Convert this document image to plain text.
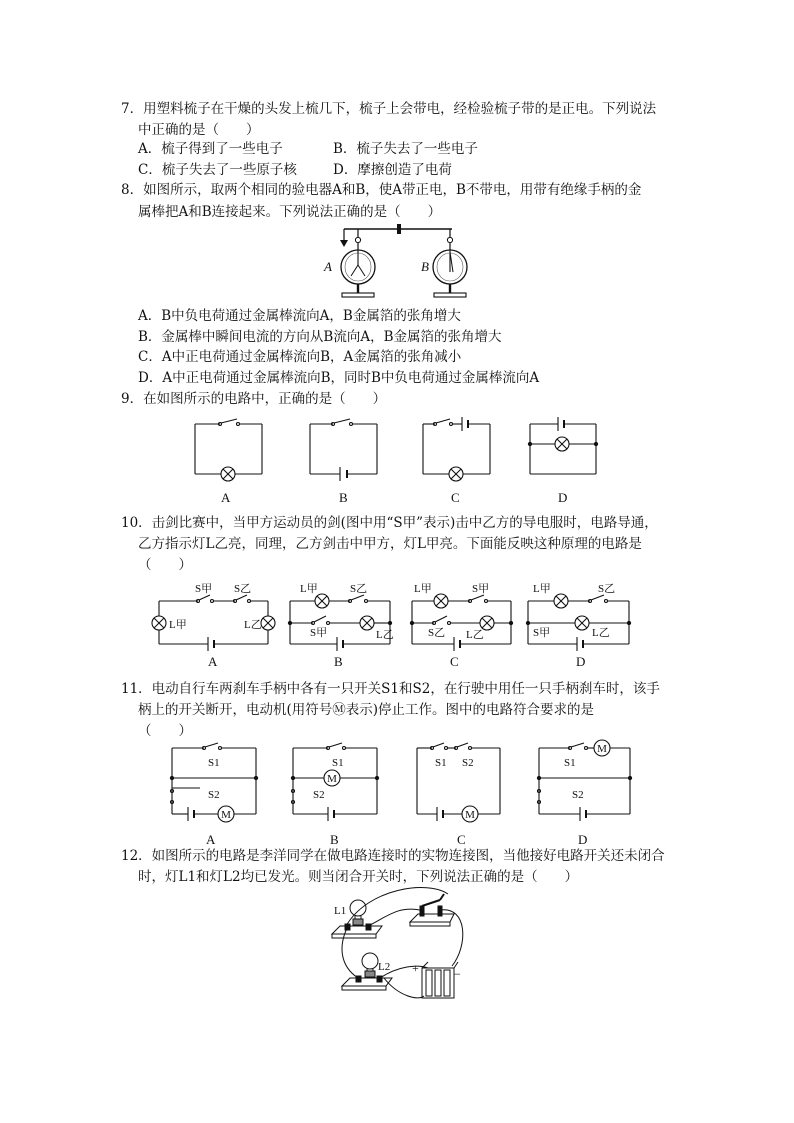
7．用塑料梳子在干燥的头发上梳几下，梳子上会带电，经检验梳子带的是正电。下列说法
中正确的是（　　）
A．梳子得到了一些电子	B．梳子失去了一些电子
C．梳子失去了一些原子核	D．摩擦创造了电荷
8．如图所示，取两个相同的验电器A和B，使A带正电，B不带电，用带有绝缘手柄的金
属棒把A和B连接起来。下列说法正确的是（　　）
A	B
A．B中负电荷通过金属棒流向A，B金属箔的张角增大
B．金属棒中瞬间电流的方向从B流向A，B金属箔的张角增大
C．A中正电荷通过金属棒流向B，A金属箔的张角减小
D．A中正电荷通过金属棒流向B，同时B中负电荷通过金属棒流向A
9．在如图所示的电路中，正确的是（　　）
A	B	C	D
10．击剑比赛中，当甲方运动员的剑(图中用“S甲”表示)击中乙方的导电服时，电路导通，
乙方指示灯L乙亮，同理，乙方剑击中甲方，灯L甲亮。下面能反映这种原理的电路是
（　　）
S甲 S乙
L甲	L乙
L甲	S乙
S甲	L乙
L甲	S甲
S乙 L乙
L甲	S乙
S甲	L乙
A	B	C	D
11．电动自行车两刹车手柄中各有一只开关S1和S2，在行驶中用任一只手柄刹车时，该手
柄上的开关断开，电动机(用符号Ⓜ表示)停止工作。图中的电路符合要求的是
（　　）
M
M
M
M
S1
S2
S1
S2
S1 S2	S1
S2
A	B	C	D
12．如图所示的电路是李洋同学在做电路连接时的实物连接图，当他接好电路开关还未闭合
时，灯L1和灯L2均已发光。则当闭合开关时，下列说法正确的是（　　）
L1
L2 +	−
